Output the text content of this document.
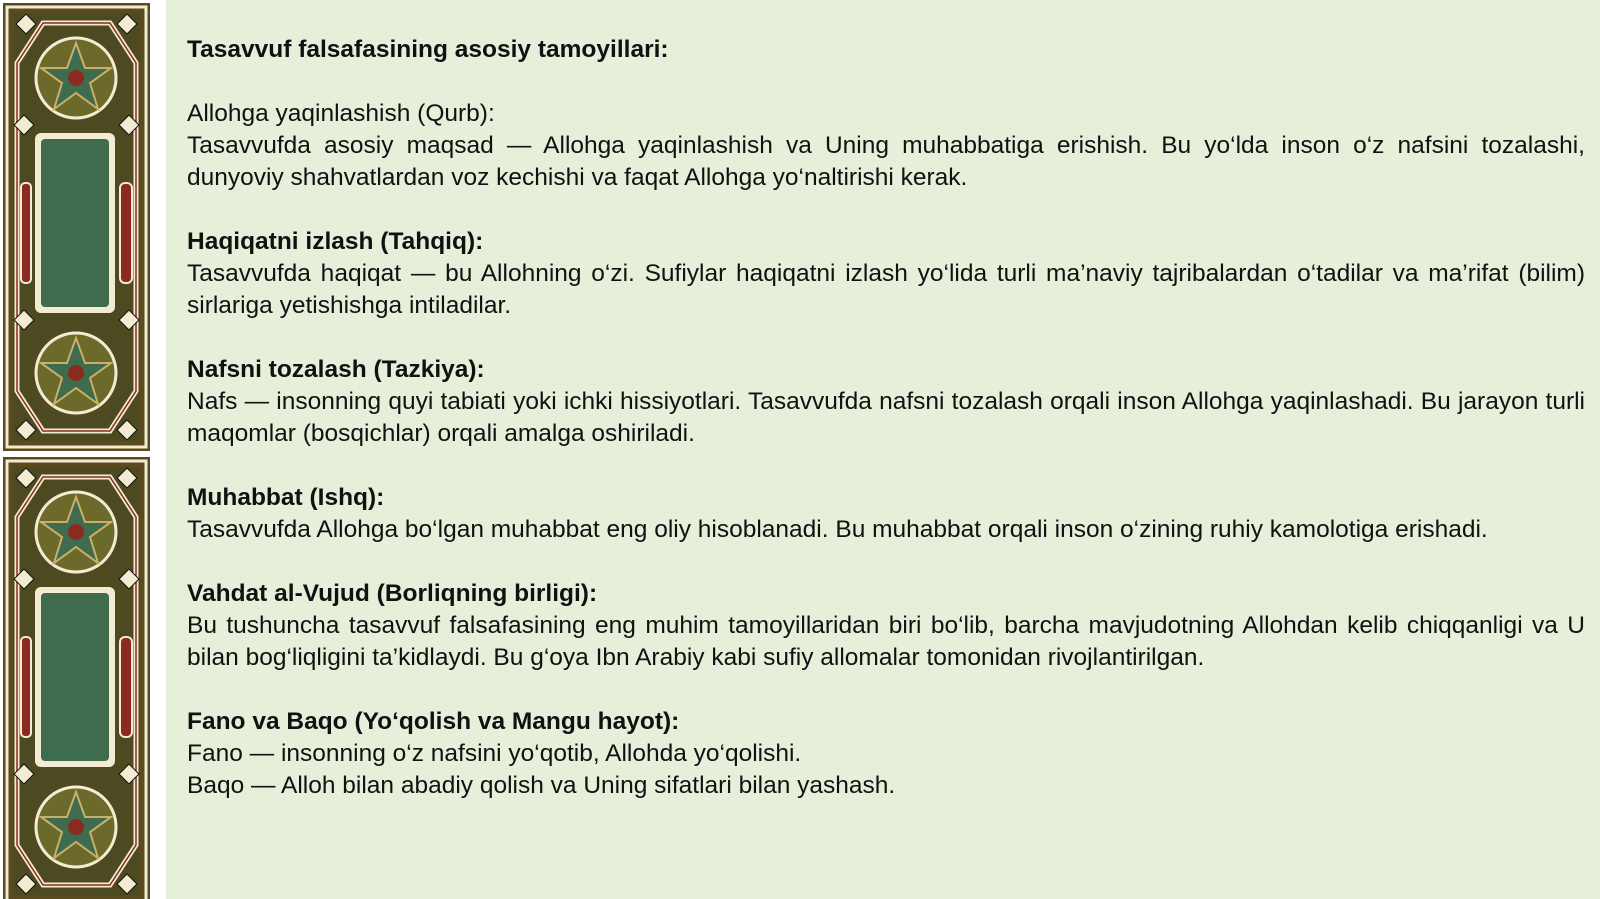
Tasavvuf falsafasining asosiy tamoyillari:

Allohga yaqinlashish (Qurb):

Tasavvufda asosiy maqsad — Allohga yaqinlashish va Uning muhabbatiga erishish. Bu yo‘lda inson o‘z nafsini tozalashi, dunyoviy shahvatlardan voz kechishi va faqat Allohga yo‘naltirishi kerak.

Haqiqatni izlash (Tahqiq):

Tasavvufda haqiqat — bu Allohning o‘zi. Sufiylar haqiqatni izlash yo‘lida turli ma’naviy tajribalardan o‘tadilar va ma’rifat (bilim) sirlariga yetishishga intiladilar.

Nafsni tozalash (Tazkiya):

Nafs — insonning quyi tabiati yoki ichki hissiyotlari. Tasavvufda nafsni tozalash orqali inson Allohga yaqinlashadi. Bu jarayon turli maqomlar (bosqichlar) orqali amalga oshiriladi.

Muhabbat (Ishq):

Tasavvufda Allohga bo‘lgan muhabbat eng oliy hisoblanadi. Bu muhabbat orqali inson o‘zining ruhiy kamolotiga erishadi.

Vahdat al-Vujud (Borliqning birligi):

Bu tushuncha tasavvuf falsafasining eng muhim tamoyillaridan biri bo‘lib, barcha mavjudotning Allohdan kelib chiqqanligi va U bilan bog‘liqligini ta’kidlaydi. Bu g‘oya Ibn Arabiy kabi sufiy allomalar tomonidan rivojlantirilgan.

Fano va Baqo (Yo‘qolish va Mangu hayot):

Fano — insonning o‘z nafsini yo‘qotib, Allohda yo‘qolishi.

Baqo — Alloh bilan abadiy qolish va Uning sifatlari bilan yashash.
